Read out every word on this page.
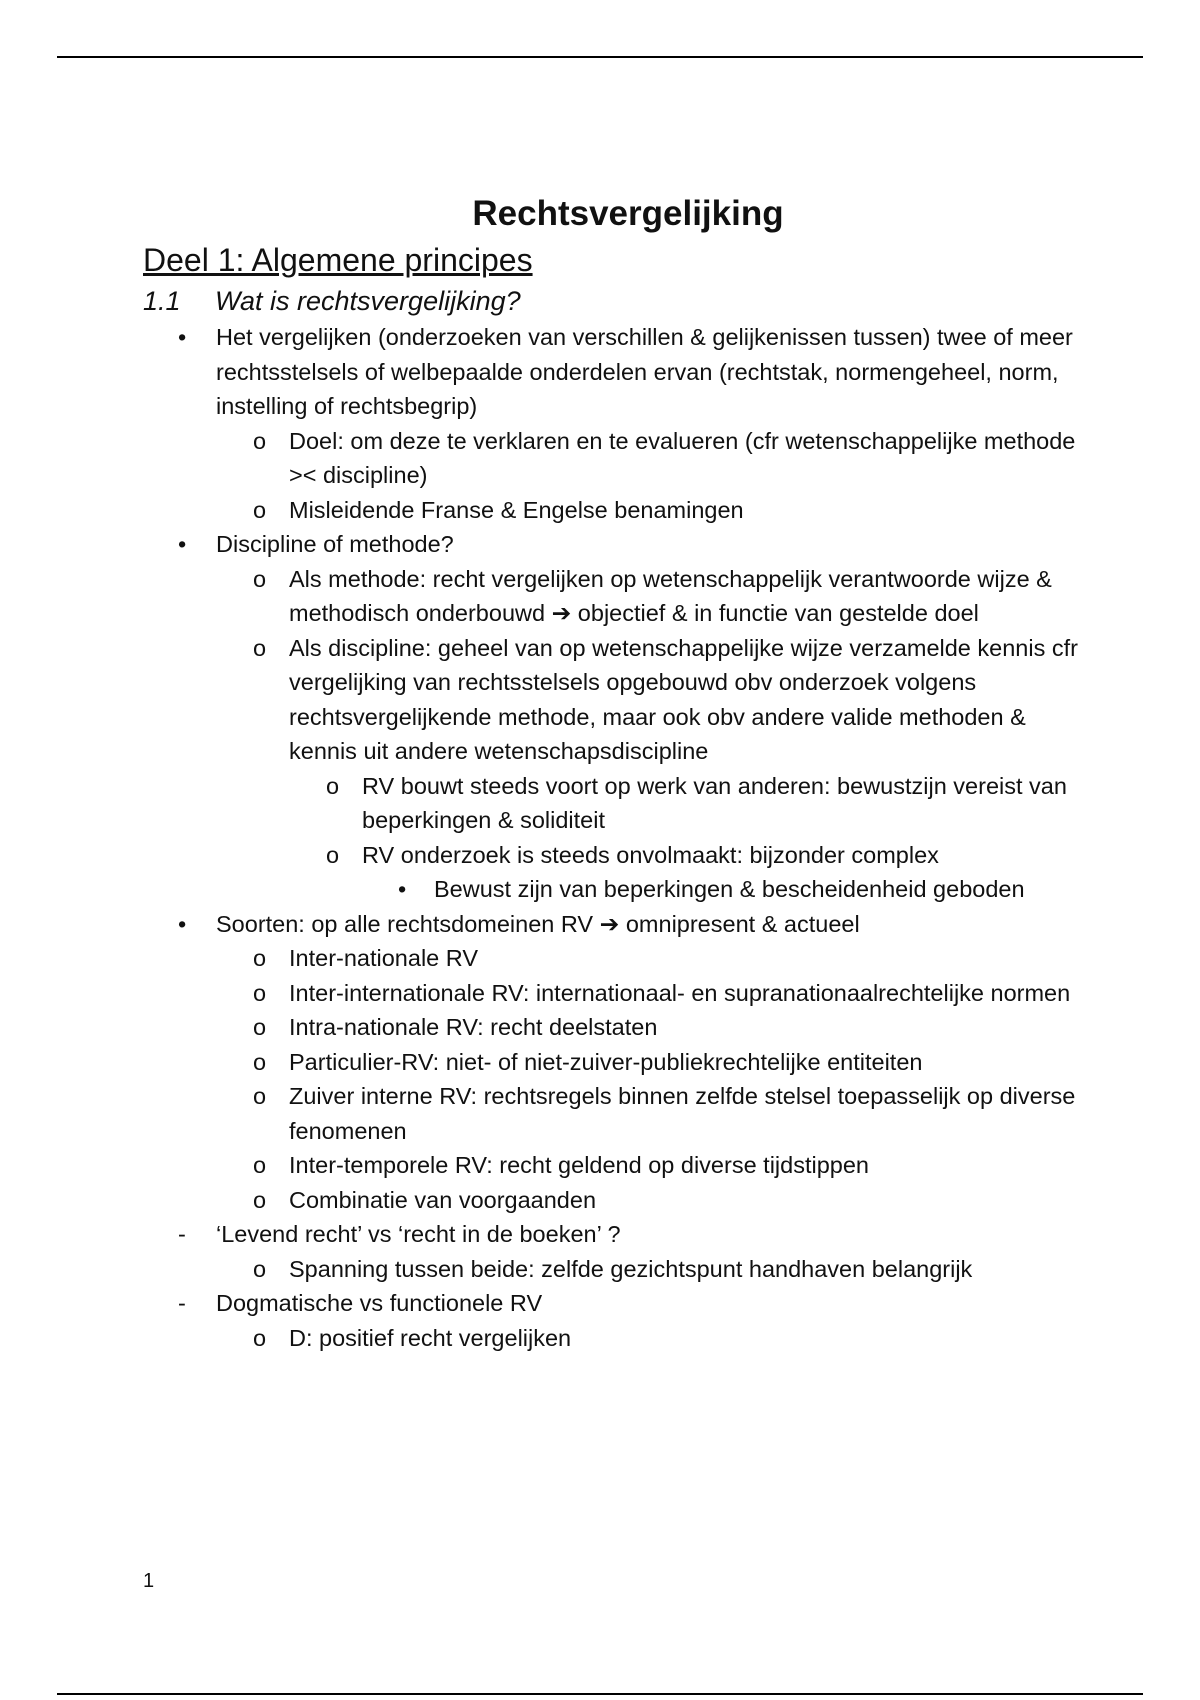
Rechtsvergelijking
Deel 1: Algemene principes
1.1	Wat is rechtsvergelijking?
• Het vergelijken (onderzoeken van verschillen & gelijkenissen tussen) twee of meer rechtsstelsels of welbepaalde onderdelen ervan (rechtstak, normengeheel, norm, instelling of rechtsbegrip)
o Doel: om deze te verklaren en te evalueren (cfr wetenschappelijke methode >< discipline)
o Misleidende Franse & Engelse benamingen
• Discipline of methode?
o Als methode: recht vergelijken op wetenschappelijk verantwoorde wijze & methodisch onderbouwd ➔ objectief & in functie van gestelde doel
o Als discipline: geheel van op wetenschappelijke wijze verzamelde kennis cfr vergelijking van rechtsstelsels opgebouwd obv onderzoek volgens rechtsvergelijkende methode, maar ook obv andere valide methoden & kennis uit andere wetenschapsdiscipline
o RV bouwt steeds voort op werk van anderen: bewustzijn vereist van beperkingen & soliditeit
o RV onderzoek is steeds onvolmaakt: bijzonder complex
• Bewust zijn van beperkingen & bescheidenheid geboden
• Soorten: op alle rechtsdomeinen RV ➔ omnipresent & actueel
o Inter-nationale RV
o Inter-internationale RV: internationaal- en supranationaalrechtelijke normen
o Intra-nationale RV: recht deelstaten
o Particulier-RV: niet- of niet-zuiver-publiekrechtelijke entiteiten
o Zuiver interne RV: rechtsregels binnen zelfde stelsel toepasselijk op diverse fenomenen
o Inter-temporele RV: recht geldend op diverse tijdstippen
o Combinatie van voorgaanden
- ‘Levend recht’ vs ‘recht in de boeken’ ?
o Spanning tussen beide: zelfde gezichtspunt handhaven belangrijk
- Dogmatische vs functionele RV
o D: positief recht vergelijken
1
